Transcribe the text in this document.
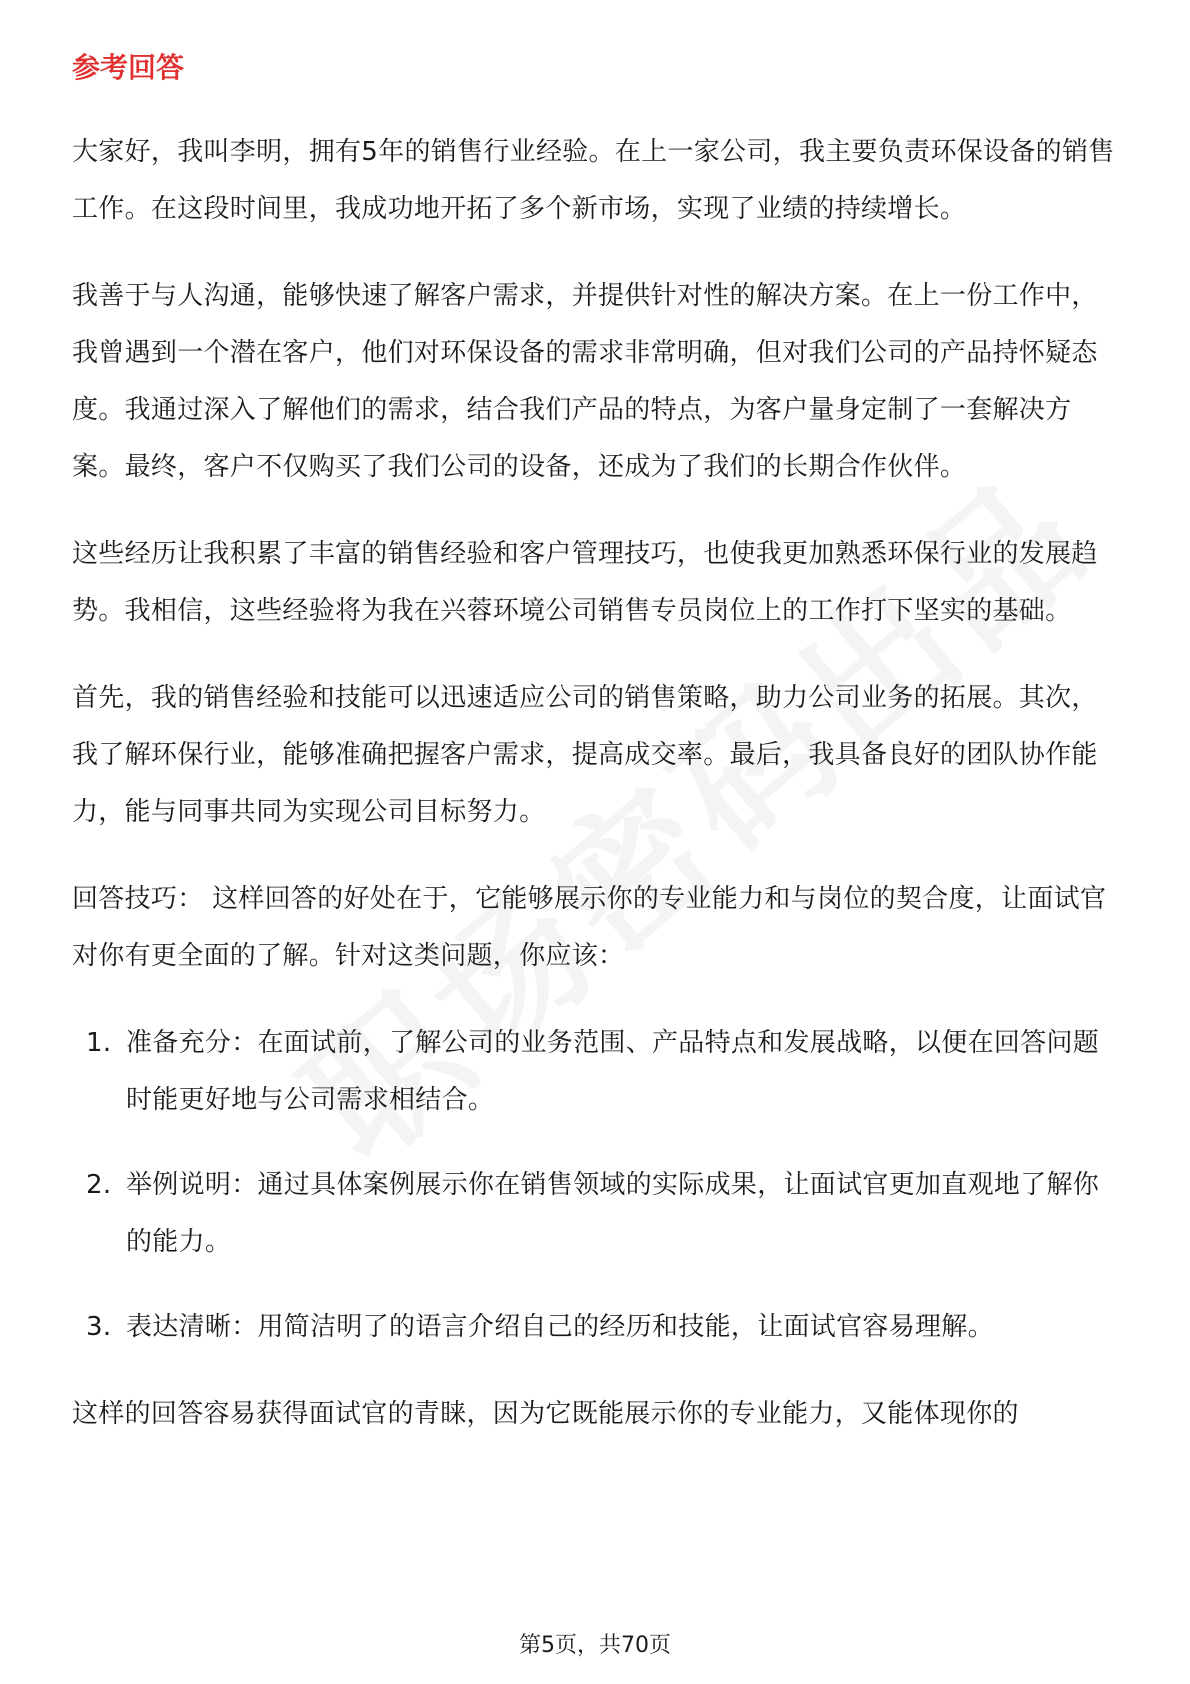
参考回答

大家好，我叫李明，拥有5年的销售行业经验。在上一家公司，我主要负责环保设备的销售工作。在这段时间里，我成功地开拓了多个新市场，实现了业绩的持续增长。

我善于与人沟通，能够快速了解客户需求，并提供针对性的解决方案。在上一份工作中，我曾遇到一个潜在客户，他们对环保设备的需求非常明确，但对我们公司的产品持怀疑态度。我通过深入了解他们的需求，结合我们产品的特点，为客户量身定制了一套解决方案。最终，客户不仅购买了我们公司的设备，还成为了我们的长期合作伙伴。

这些经历让我积累了丰富的销售经验和客户管理技巧，也使我更加熟悉环保行业的发展趋势。我相信，这些经验将为我在兴蓉环境公司销售专员岗位上的工作打下坚实的基础。

首先，我的销售经验和技能可以迅速适应公司的销售策略，助力公司业务的拓展。其次，我了解环保行业，能够准确把握客户需求，提高成交率。最后，我具备良好的团队协作能力，能与同事共同为实现公司目标努力。

回答技巧： 这样回答的好处在于，它能够展示你的专业能力和与岗位的契合度，让面试官对你有更全面的了解。针对这类问题，你应该：

1. 准备充分：在面试前，了解公司的业务范围、产品特点和发展战略，以便在回答问题时能更好地与公司需求相结合。
2. 举例说明：通过具体案例展示你在销售领域的实际成果，让面试官更加直观地了解你的能力。
3. 表达清晰：用简洁明了的语言介绍自己的经历和技能，让面试官容易理解。

这样的回答容易获得面试官的青睐，因为它既能展示你的专业能力，又能体现你的

第5页，共70页
